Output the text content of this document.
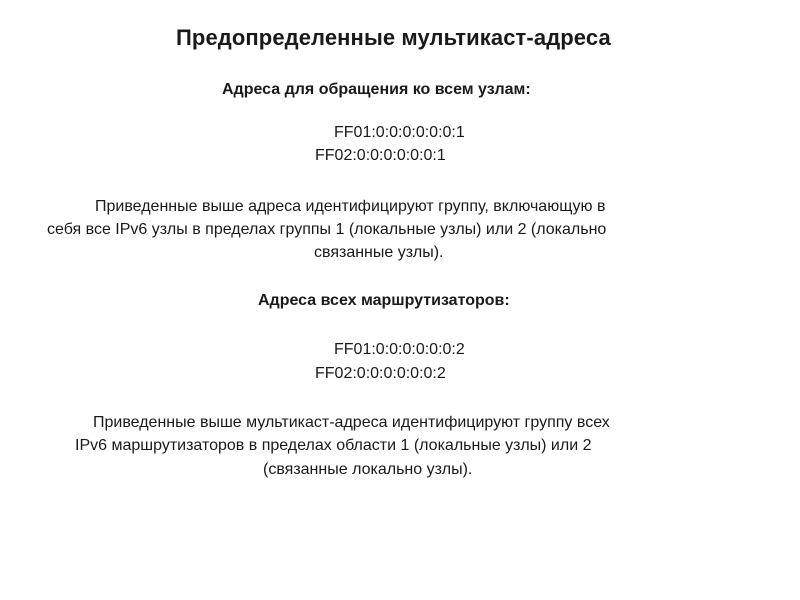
Предопределенные мультикаст-адреса
Адреса для обращения ко всем узлам:
FF01:0:0:0:0:0:0:1
FF02:0:0:0:0:0:0:1
Приведенные выше адреса идентифицируют группу, включающую в
себя все IPv6 узлы в пределах группы 1 (локальные узлы) или 2 (локально
связанные узлы).
Адреса всех маршрутизаторов:
FF01:0:0:0:0:0:0:2
FF02:0:0:0:0:0:0:2
Приведенные выше мультикаст-адреса идентифицируют группу всех
IPv6 маршрутизаторов в пределах области 1 (локальные узлы) или 2
(связанные локально узлы).
